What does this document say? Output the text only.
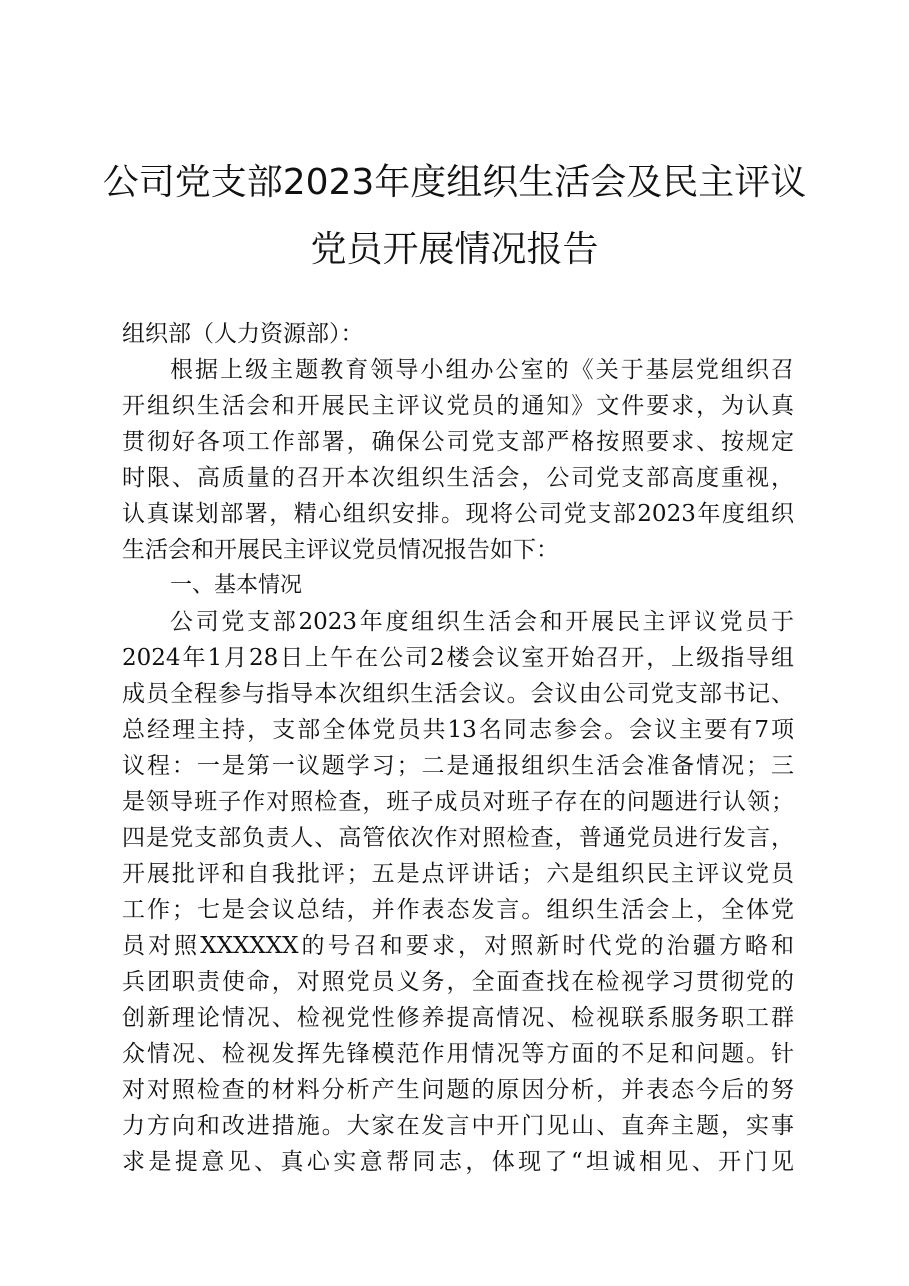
公司党支部2023年度组织生活会及民主评议
党员开展情况报告
组织部（人力资源部）：
根据上级主题教育领导小组办公室的《关于基层党组织召
开组织生活会和开展民主评议党员的通知》文件要求，为认真
贯彻好各项工作部署，确保公司党支部严格按照要求、按规定
时限、高质量的召开本次组织生活会，公司党支部高度重视，
认真谋划部署，精心组织安排。现将公司党支部2023年度组织
生活会和开展民主评议党员情况报告如下：
一、基本情况
公司党支部2023年度组织生活会和开展民主评议党员于
2024年1月28日上午在公司2楼会议室开始召开，上级指导组
成员全程参与指导本次组织生活会议。会议由公司党支部书记、
总经理主持，支部全体党员共13名同志参会。会议主要有7项
议程：一是第一议题学习；二是通报组织生活会准备情况；三
是领导班子作对照检查，班子成员对班子存在的问题进行认领；
四是党支部负责人、高管依次作对照检查，普通党员进行发言，
开展批评和自我批评；五是点评讲话；六是组织民主评议党员
工作；七是会议总结，并作表态发言。组织生活会上，全体党
员对照XXXXXX的号召和要求，对照新时代党的治疆方略和
兵团职责使命，对照党员义务，全面查找在检视学习贯彻党的
创新理论情况、检视党性修养提高情况、检视联系服务职工群
众情况、检视发挥先锋模范作用情况等方面的不足和问题。针
对对照检查的材料分析产生问题的原因分析，并表态今后的努
力方向和改进措施。大家在发言中开门见山、直奔主题，实事
求是提意见、真心实意帮同志，体现了“坦诚相见、开门见
